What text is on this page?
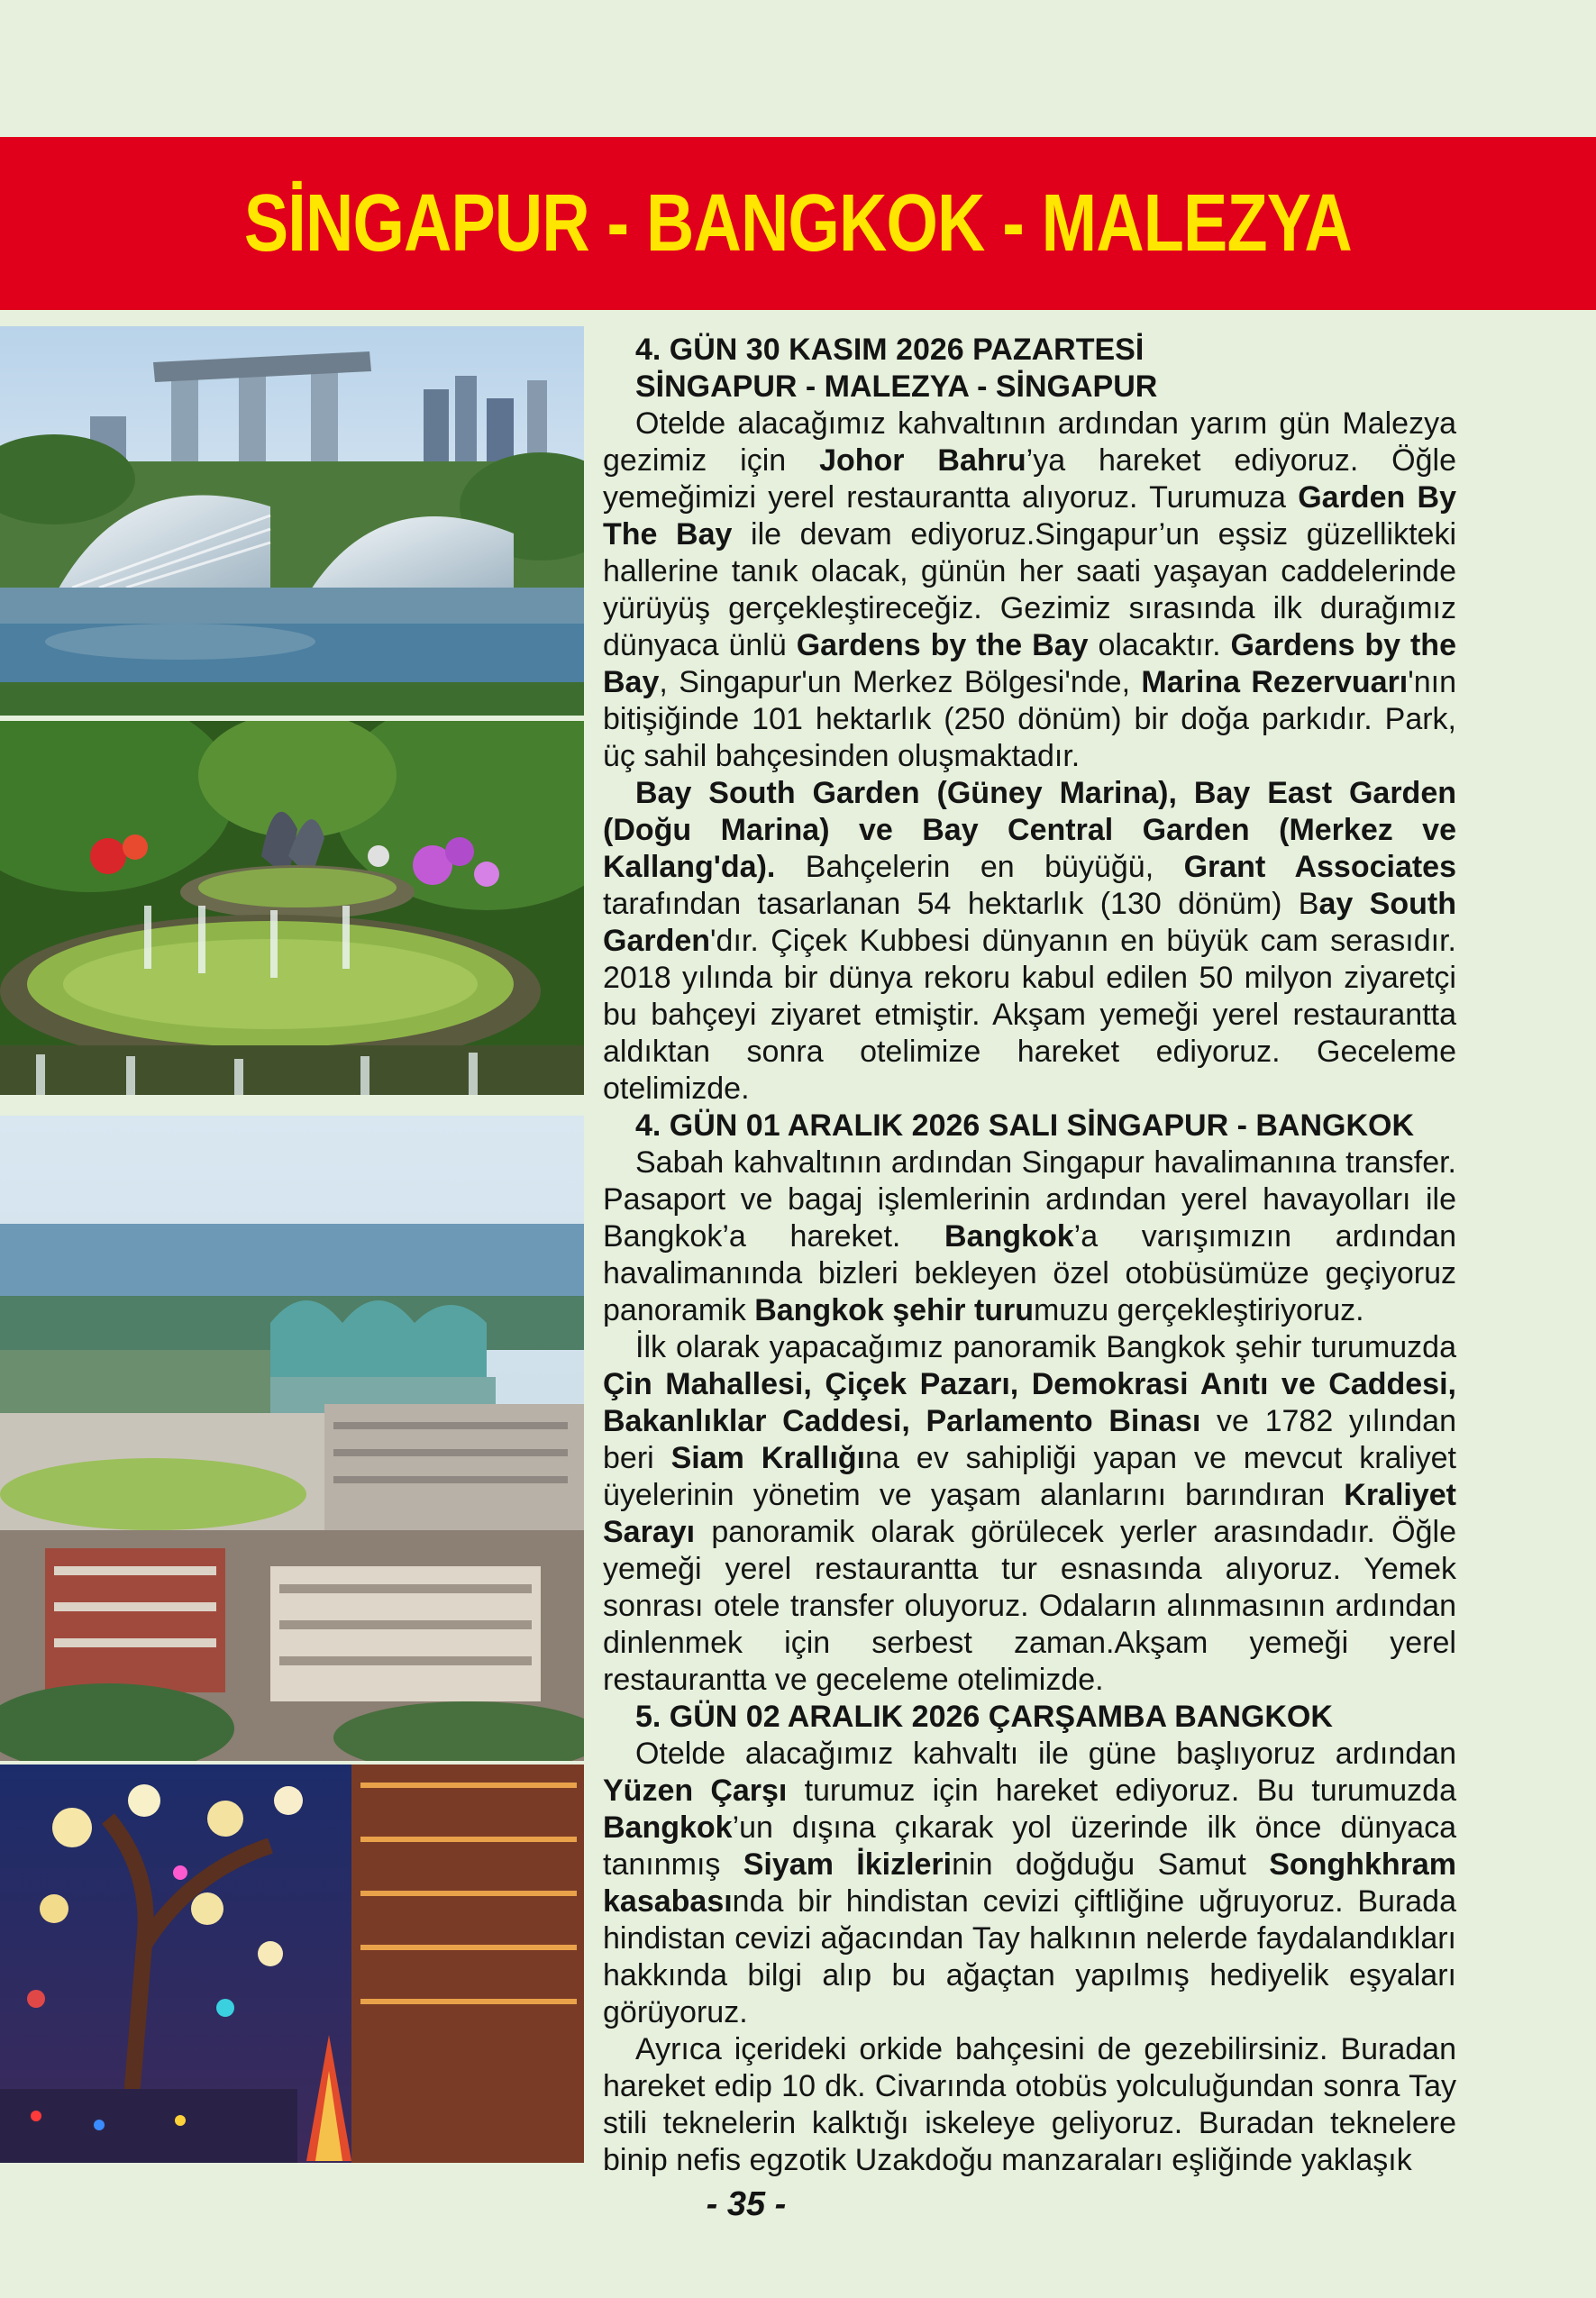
SİNGAPUR - BANGKOK - MALEZYA
4. GÜN 30 KASIM 2026 PAZARTESİ
SİNGAPUR - MALEZYA - SİNGAPUR

Otelde alacağımız kahvaltının ardından yarım gün Malezya gezimiz için Johor Bahru’ya hareket ediyoruz. Öğle yemeğimizi yerel restaurantta alıyoruz. Turumuza Garden By The Bay ile devam ediyoruz.Singapur’un eşsiz güzellikteki hallerine tanık olacak, günün her saati yaşayan caddelerinde yürüyüş gerçekleştireceğiz. Gezimiz sırasında ilk durağımız dünyaca ünlü Gardens by the Bay olacaktır. Gardens by the Bay, Singapur'un Merkez Bölgesi'nde, Marina Rezervuarı'nın bitişiğinde 101 hektarlık (250 dönüm) bir doğa parkıdır. Park, üç sahil bahçesinden oluşmaktadır.

Bay South Garden (Güney Marina), Bay East Garden (Doğu Marina) ve Bay Central Garden (Merkez ve Kallang'da). Bahçelerin en büyüğü, Grant Associates tarafından tasarlanan 54 hektarlık (130 dönüm) Bay South Garden'dır. Çiçek Kubbesi dünyanın en büyük cam serasıdır. 2018 yılında bir dünya rekoru kabul edilen 50 milyon ziyaretçi bu bahçeyi ziyaret etmiştir. Akşam yemeği yerel restaurantta aldıktan sonra otelimize hareket ediyoruz. Geceleme otelimizde.

4. GÜN 01 ARALIK 2026 SALI SİNGAPUR - BANGKOK

Sabah kahvaltının ardından Singapur havalimanına transfer. Pasaport ve bagaj işlemlerinin ardından yerel havayolları ile Bangkok’a hareket. Bangkok’a varışımızın ardından havalimanında bizleri bekleyen özel otobüsümüze geçiyoruz panoramik Bangkok şehir turumuzu gerçekleştiriyoruz.

İlk olarak yapacağımız panoramik Bangkok şehir turumuzda Çin Mahallesi, Çiçek Pazarı, Demokrasi Anıtı ve Caddesi, Bakanlıklar Caddesi, Parlamento Binası ve 1782 yılından beri Siam Krallığına ev sahipliği yapan ve mevcut kraliyet üyelerinin yönetim ve yaşam alanlarını barındıran Kraliyet Sarayı panoramik olarak görülecek yerler arasındadır. Öğle yemeği yerel restaurantta tur esnasında alıyoruz. Yemek sonrası otele transfer oluyoruz. Odaların alınmasının ardından dinlenmek için serbest zaman.Akşam yemeği yerel restaurantta ve geceleme otelimizde.

5. GÜN 02 ARALIK 2026 ÇARŞAMBA BANGKOK

Otelde alacağımız kahvaltı ile güne başlıyoruz ardından Yüzen Çarşı turumuz için hareket ediyoruz. Bu turumuzda Bangkok’un dışına çıkarak yol üzerinde ilk önce dünyaca tanınmış Siyam İkizlerinin doğduğu Samut Songhkhram kasabasında bir hindistan cevizi çiftliğine uğruyoruz. Burada hindistan cevizi ağacından Tay halkının nelerde faydalandıkları hakkında bilgi alıp bu ağaçtan yapılmış hediyelik eşyaları görüyoruz.

Ayrıca içerideki orkide bahçesini de gezebilirsiniz. Buradan hareket edip 10 dk. Civarında otobüs yolculuğundan sonra Tay stili teknelerin kalktığı iskeleye geliyoruz. Buradan teknelere binip nefis egzotik Uzakdoğu manzaraları eşliğinde yaklaşık

- 35 -
